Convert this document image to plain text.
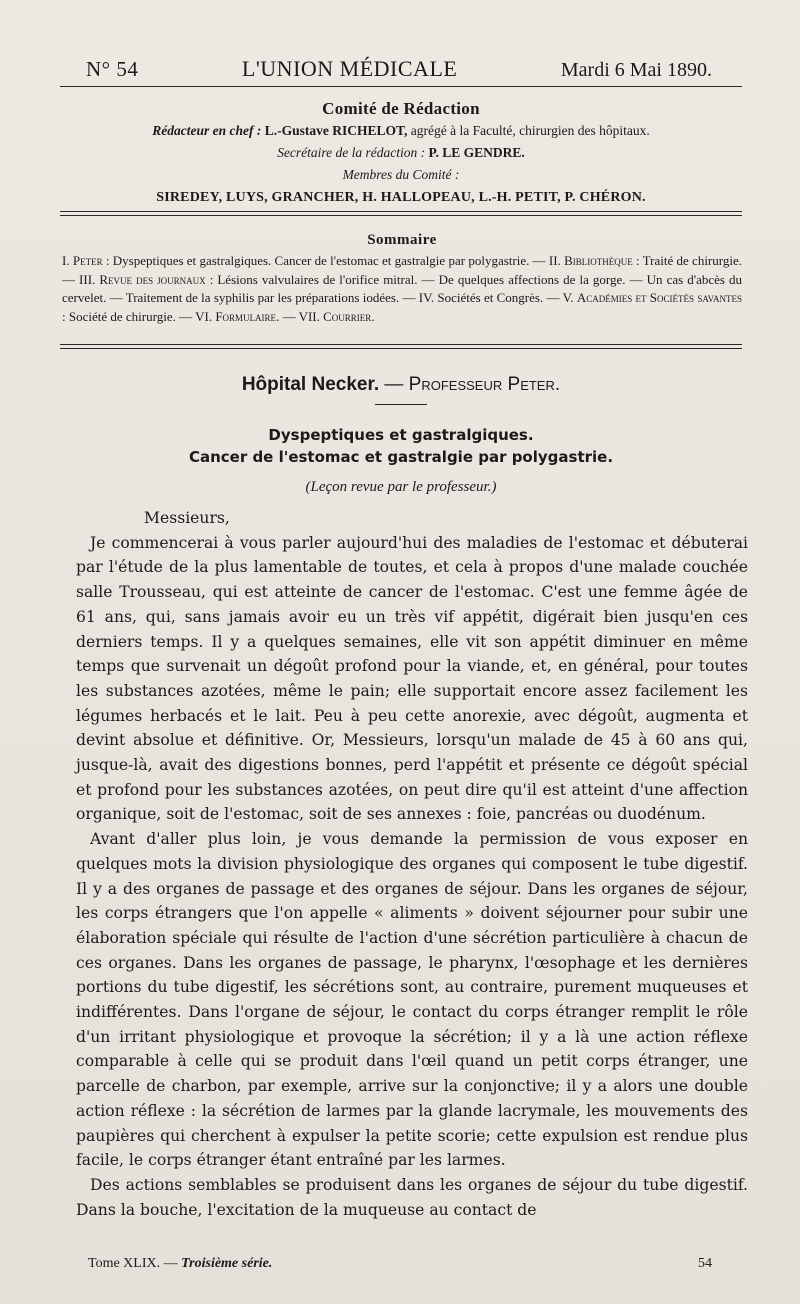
N° 54	L'UNION MÉDICALE	Mardi 6 Mai 1890.
Comité de Rédaction
Rédacteur en chef : L.-Gustave RICHELOT, agrégé à la Faculté, chirurgien des hôpitaux.
Secrétaire de la rédaction : P. LE GENDRE.
Membres du Comité :
SIREDEY, LUYS, GRANCHER, H. HALLOPEAU, L.-H. PETIT, P. CHÉRON.
Sommaire

I. Peter : Dyspeptiques et gastralgiques. Cancer de l'estomac et gastralgie par polygastrie. — II. Bibliothèque : Traité de chirurgie. — III. Revue des journaux : Lésions valvulaires de l'orifice mitral. — De quelques affections de la gorge. — Un cas d'abcès du cervelet. — Traitement de la syphilis par les préparations iodées. — IV. Sociétés et Congrès. — V. Académies et Sociétés savantes : Société de chirurgie. — VI. Formulaire. — VII. Courrier.

Hôpital Necker. — Professeur Peter.
Dyspeptiques et gastralgiques.
Cancer de l'estomac et gastralgie par polygastrie.
(Leçon revue par le professeur.)

Messieurs,

Je commencerai à vous parler aujourd'hui des maladies de l'estomac et débuterai par l'étude de la plus lamentable de toutes, et cela à propos d'une malade couchée salle Trousseau, qui est atteinte de cancer de l'estomac. C'est une femme âgée de 61 ans, qui, sans jamais avoir eu un très vif appétit, digérait bien jusqu'en ces derniers temps. Il y a quelques semaines, elle vit son appétit diminuer en même temps que survenait un dégoût profond pour la viande, et, en général, pour toutes les substances azotées, même le pain; elle supportait encore assez facilement les légumes herbacés et le lait. Peu à peu cette anorexie, avec dégoût, augmenta et devint absolue et définitive. Or, Messieurs, lorsqu'un malade de 45 à 60 ans qui, jusque-là, avait des digestions bonnes, perd l'appétit et présente ce dégoût spécial et profond pour les substances azotées, on peut dire qu'il est atteint d'une affection organique, soit de l'estomac, soit de ses annexes : foie, pancréas ou duodénum.

Avant d'aller plus loin, je vous demande la permission de vous exposer en quelques mots la division physiologique des organes qui composent le tube digestif. Il y a des organes de passage et des organes de séjour. Dans les organes de séjour, les corps étrangers que l'on appelle « aliments » doivent séjourner pour subir une élaboration spéciale qui résulte de l'action d'une sécrétion particulière à chacun de ces organes. Dans les organes de passage, le pharynx, l'œsophage et les dernières portions du tube digestif, les sécrétions sont, au contraire, purement muqueuses et indifférentes. Dans l'organe de séjour, le contact du corps étranger remplit le rôle d'un irritant physiologique et provoque la sécrétion; il y a là une action réflexe comparable à celle qui se produit dans l'œil quand un petit corps étranger, une parcelle de charbon, par exemple, arrive sur la conjonctive; il y a alors une double action réflexe : la sécrétion de larmes par la glande lacrymale, les mouvements des paupières qui cherchent à expulser la petite scorie; cette expulsion est rendue plus facile, le corps étranger étant entraîné par les larmes.

Des actions semblables se produisent dans les organes de séjour du tube digestif. Dans la bouche, l'excitation de la muqueuse au contact de

Tome XLIX. — Troisième série.	54
